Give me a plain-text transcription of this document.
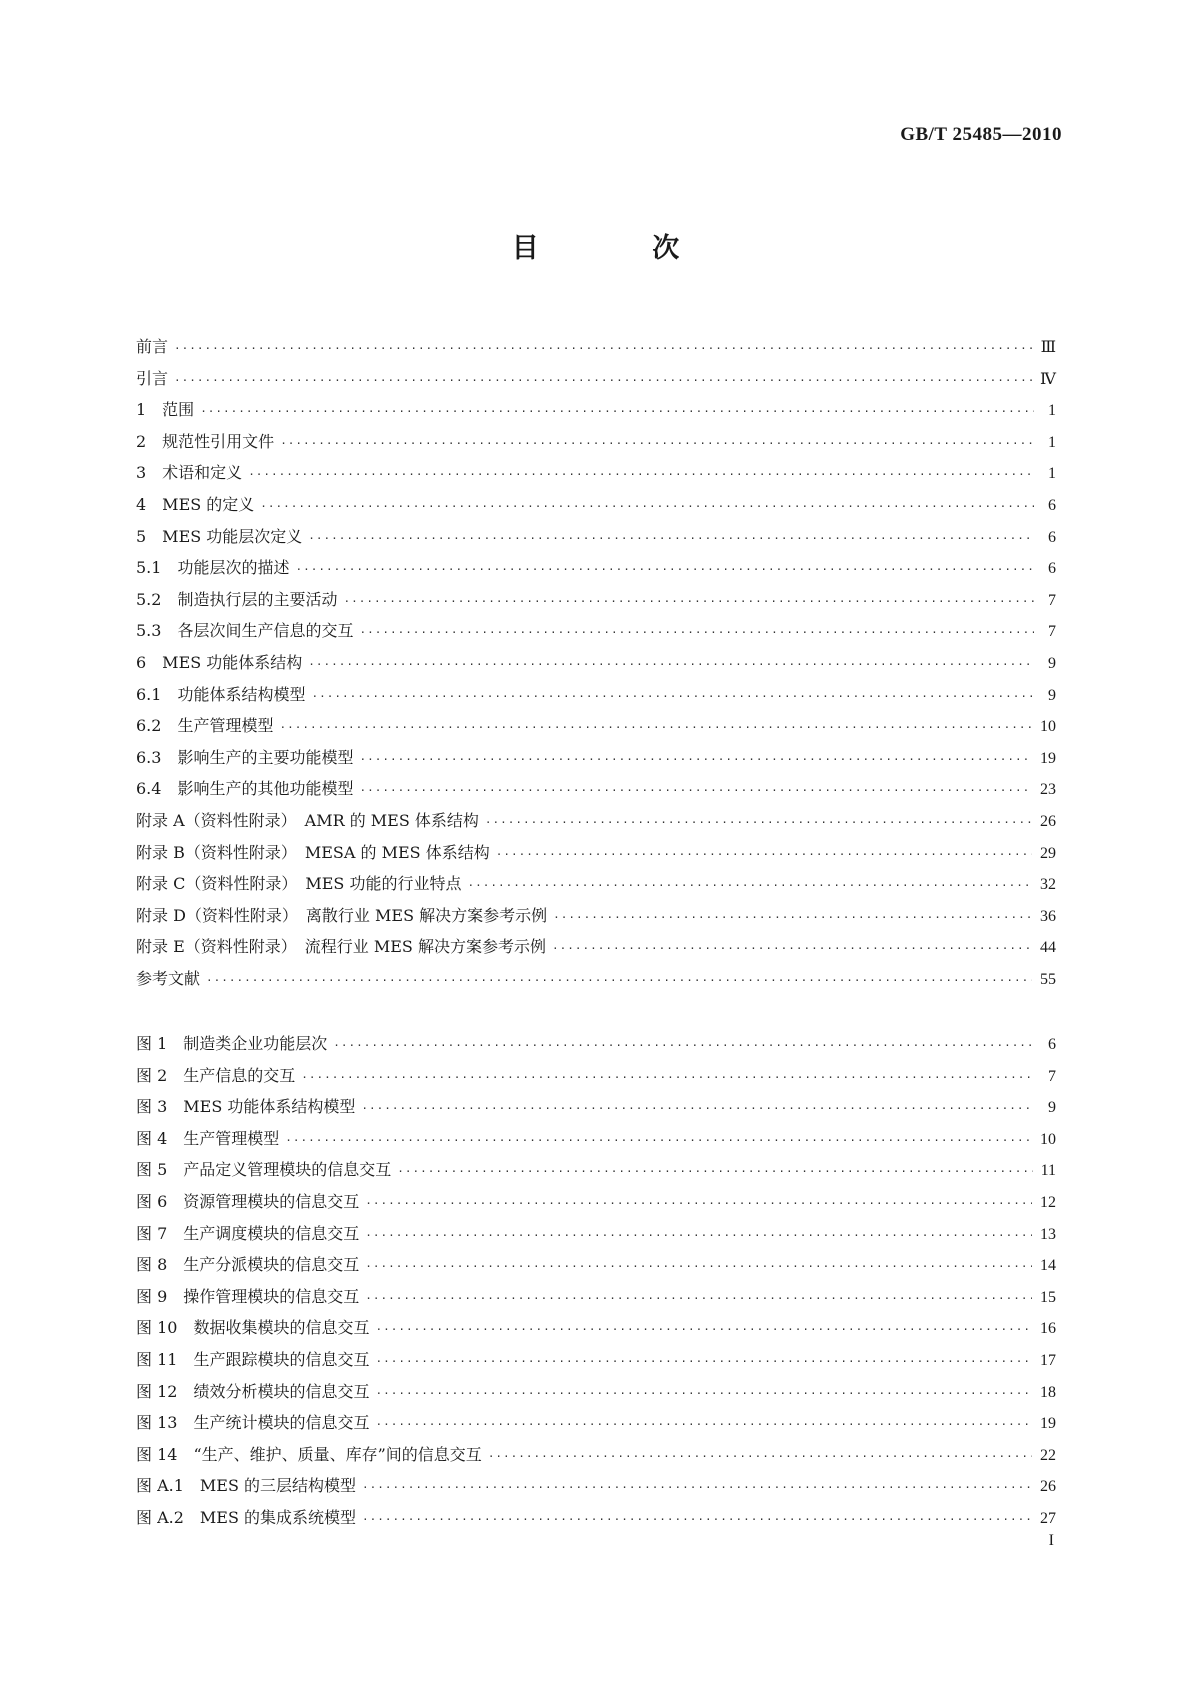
GB/T 25485—2010
目 次
前言 ·····	Ⅲ
引言 ·····	Ⅳ
1　范围 ·····	1
2　规范性引用文件 ·····	1
3　术语和定义 ·····	1
4　MES 的定义 ·····	6
5　MES 功能层次定义 ·····	6
5.1　功能层次的描述 ·····	6
5.2　制造执行层的主要活动 ·····	7
5.3　各层次间生产信息的交互 ·····	7
6　MES 功能体系结构 ·····	9
6.1　功能体系结构模型 ·····	9
6.2　生产管理模型 ·····	10
6.3　影响生产的主要功能模型 ·····	19
6.4　影响生产的其他功能模型 ·····	23
附录 A（资料性附录）　AMR 的 MES 体系结构 ·····	26
附录 B（资料性附录）　MESA 的 MES 体系结构 ·····	29
附录 C（资料性附录）　MES 功能的行业特点 ·····	32
附录 D（资料性附录）　离散行业 MES 解决方案参考示例 ·····	36
附录 E（资料性附录）　流程行业 MES 解决方案参考示例 ·····	44
参考文献 ·····	55
图 1　制造类企业功能层次 ·····	6
图 2　生产信息的交互 ·····	7
图 3　MES 功能体系结构模型 ·····	9
图 4　生产管理模型 ·····	10
图 5　产品定义管理模块的信息交互 ·····	11
图 6　资源管理模块的信息交互 ·····	12
图 7　生产调度模块的信息交互 ·····	13
图 8　生产分派模块的信息交互 ·····	14
图 9　操作管理模块的信息交互 ·····	15
图 10　数据收集模块的信息交互 ·····	16
图 11　生产跟踪模块的信息交互 ·····	17
图 12　绩效分析模块的信息交互 ·····	18
图 13　生产统计模块的信息交互 ·····	19
图 14　“生产、维护、质量、库存”间的信息交互 ·····	22
图 A.1　MES 的三层结构模型 ·····	26
图 A.2　MES 的集成系统模型 ·····	27
I
